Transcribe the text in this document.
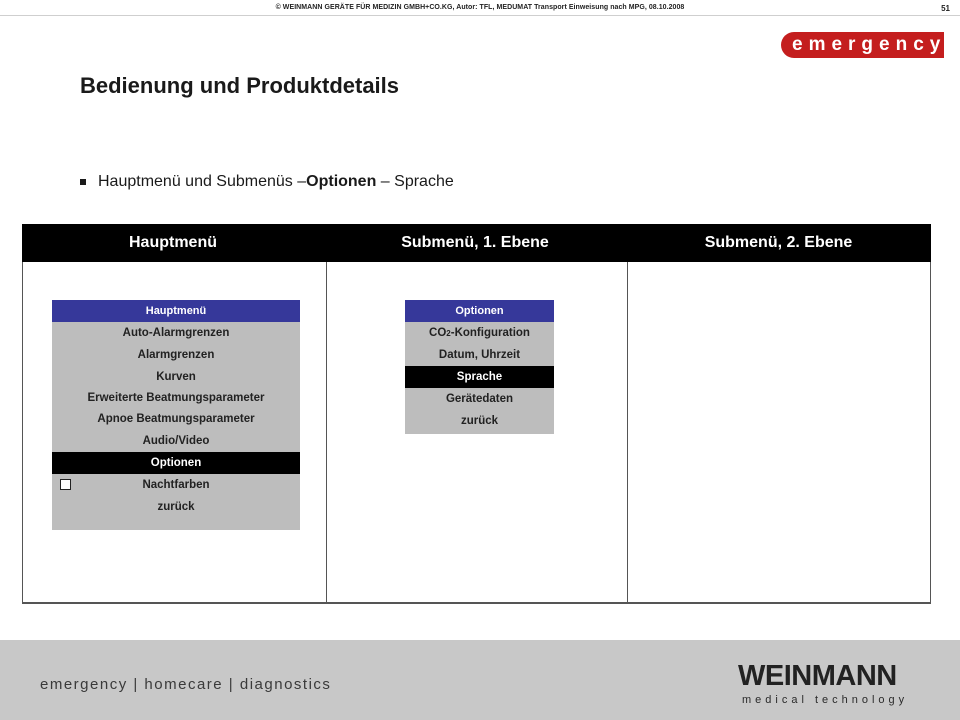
© WEINMANN GERÄTE FÜR MEDIZIN GMBH+CO.KG, Autor: TFL, MEDUMAT Transport Einweisung nach MPG, 08.10.2008	51
emergency
Bedienung und Produktdetails
Hauptmenü und Submenüs –Optionen – Sprache
Hauptmenü	Submenü, 1. Ebene	Submenü, 2. Ebene
Hauptmenü
Auto-Alarmgrenzen
Alarmgrenzen
Kurven
Erweiterte Beatmungsparameter
Apnoe Beatmungsparameter
Audio/Video
Optionen
Nachtfarben
zurück
Optionen
CO 2 -Konfiguration
Datum, Uhrzeit
Sprache
Gerätedaten
zurück
emergency | homecare | diagnostics	WEINMANN
medical technology
